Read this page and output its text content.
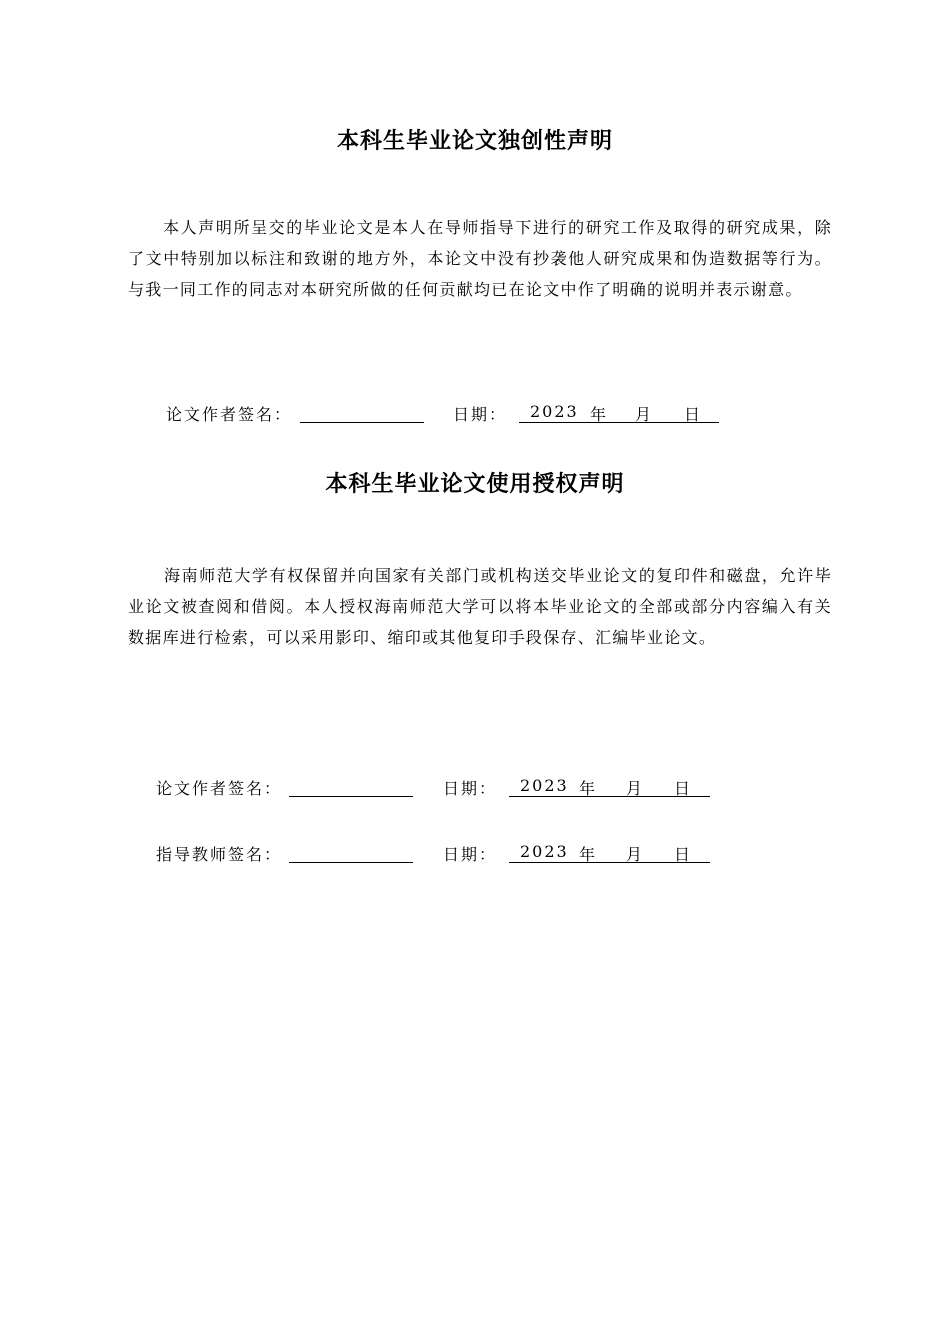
本科生毕业论文独创性声明
本人声明所呈交的毕业论文是本人在导师指导下进行的研究工作及取得的研究成果，除了文中特别加以标注和致谢的地方外，本论文中没有抄袭他人研究成果和伪造数据等行为。与我一同工作的同志对本研究所做的任何贡献均已在论文中作了明确的说明并表示谢意。
论文作者签名：	日期： 2023 年 月 日
本科生毕业论文使用授权声明
海南师范大学有权保留并向国家有关部门或机构送交毕业论文的复印件和磁盘，允许毕业论文被查阅和借阅。本人授权海南师范大学可以将本毕业论文的全部或部分内容编入有关数据库进行检索，可以采用影印、缩印或其他复印手段保存、汇编毕业论文。
论文作者签名：	日期： 2023 年 月 日
指导教师签名：	日期： 2023 年 月 日
